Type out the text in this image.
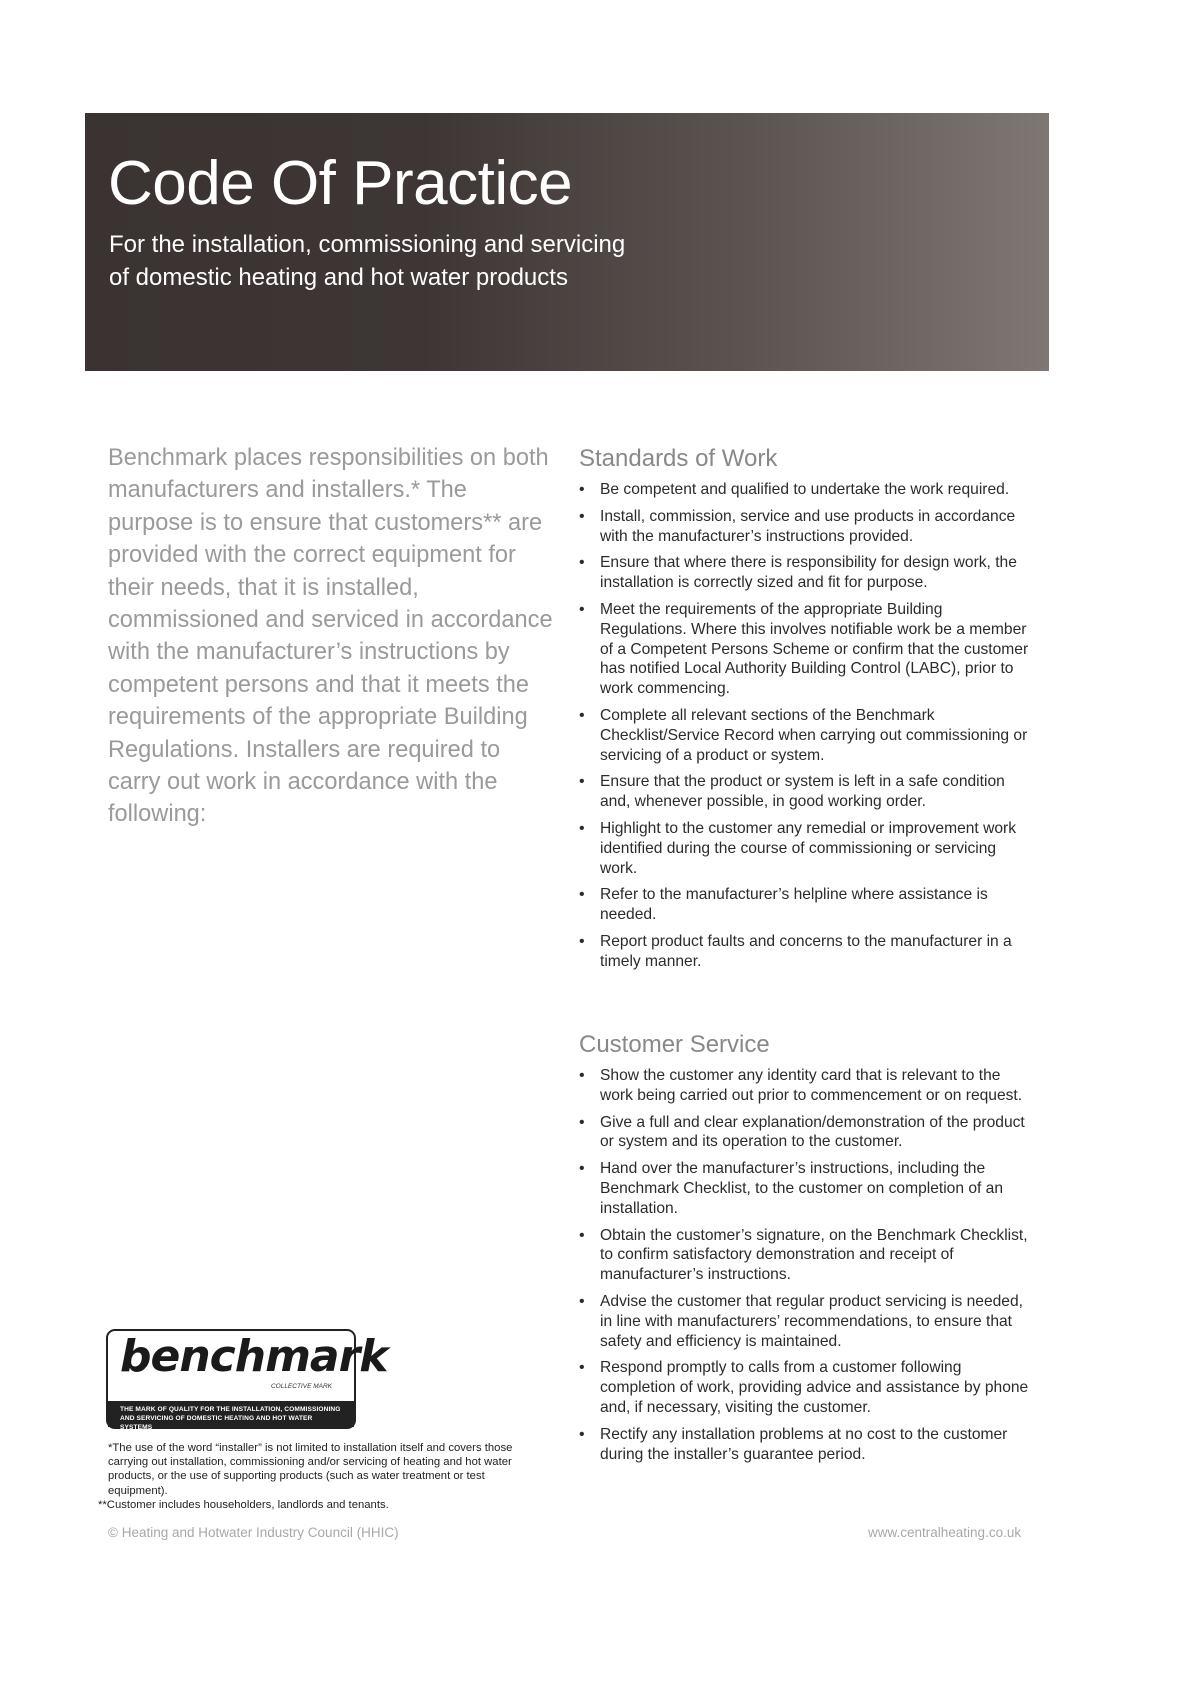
Code Of Practice
For the installation, commissioning and servicing
of domestic heating and hot water products
Benchmark places responsibilities on both manufacturers and installers.* The purpose is to ensure that customers** are provided with the correct equipment for their needs, that it is installed, commissioned and serviced in accordance with the manufacturer’s instructions by competent persons and that it meets the requirements of the appropriate Building Regulations. Installers are required to carry out work in accordance with the following:
Standards of Work
• Be competent and qualified to undertake the work required.
• Install, commission, service and use products in accordance with the manufacturer’s instructions provided.
• Ensure that where there is responsibility for design work, the installation is correctly sized and fit for purpose.
• Meet the requirements of the appropriate Building Regulations. Where this involves notifiable work be a member of a Competent Persons Scheme or confirm that the customer has notified Local Authority Building Control (LABC), prior to work commencing.
• Complete all relevant sections of the Benchmark Checklist/Service Record when carrying out commissioning or servicing of a product or system.
• Ensure that the product or system is left in a safe condition and, whenever possible, in good working order.
• Highlight to the customer any remedial or improvement work identified during the course of commissioning or servicing work.
• Refer to the manufacturer’s helpline where assistance is needed.
• Report product faults and concerns to the manufacturer in a timely manner.
Customer Service
• Show the customer any identity card that is relevant to the work being carried out prior to commencement or on request.
• Give a full and clear explanation/demonstration of the product or system and its operation to the customer.
• Hand over the manufacturer’s instructions, including the Benchmark Checklist, to the customer on completion of an installation.
• Obtain the customer’s signature, on the Benchmark Checklist, to confirm satisfactory demonstration and receipt of manufacturer’s instructions.
• Advise the customer that regular product servicing is needed, in line with manufacturers’ recommendations, to ensure that safety and efficiency is maintained.
• Respond promptly to calls from a customer following completion of work, providing advice and assistance by phone and, if necessary, visiting the customer.
• Rectify any installation problems at no cost to the customer during the installer’s guarantee period.
benchmark
COLLECTIVE MARK
THE MARK OF QUALITY FOR THE INSTALLATION, COMMISSIONING
AND SERVICING OF DOMESTIC HEATING AND HOT WATER SYSTEMS
*The use of the word “installer” is not limited to installation itself and covers those carrying out installation, commissioning and/or servicing of heating and hot water products, or the use of supporting products (such as water treatment or test equipment).
**Customer includes householders, landlords and tenants.
© Heating and Hotwater Industry Council (HHIC)	www.centralheating.co.uk
